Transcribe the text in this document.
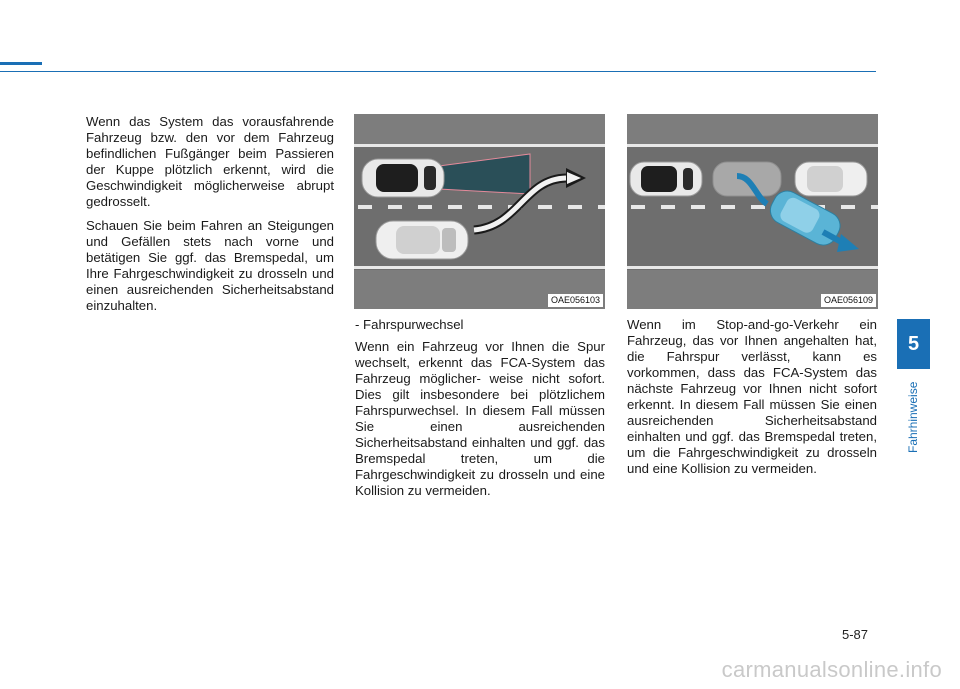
Wenn das System das vorausfahrende Fahrzeug bzw. den vor dem Fahrzeug befindlichen Fußgänger beim Passieren der Kuppe plötzlich erkennt, wird die Geschwindigkeit möglicherweise abrupt gedrosselt.

Schauen Sie beim Fahren an Steigungen und Gefällen stets nach vorne und betätigen Sie ggf. das Bremspedal, um Ihre Fahrgeschwindigkeit zu drosseln und einen ausreichenden Sicherheitsabstand einzuhalten.	OAE056103	OAE056109

- Fahrspurwechsel

Wenn ein Fahrzeug vor Ihnen die Spur wechselt, erkennt das FCA-System das Fahrzeug möglicher- weise nicht sofort. Dies gilt insbesondere bei plötzlichem Fahrspurwechsel. In diesem Fall müssen Sie einen ausreichenden Sicherheitsabstand einhalten und ggf. das Bremspedal treten, um die Fahrgeschwindigkeit zu drosseln und eine Kollision zu vermeiden.

Wenn im Stop-and-go-Verkehr ein Fahrzeug, das vor Ihnen angehalten hat, die Fahrspur verlässt, kann es vorkommen, dass das FCA-System das nächste Fahrzeug vor Ihnen nicht sofort erkennt. In diesem Fall müssen Sie einen ausreichenden Sicherheitsabstand einhalten und ggf. das Bremspedal treten, um die Fahrgeschwindigkeit zu drosseln und eine Kollision zu vermeiden.

5
Fahrhinweise
5-87
carmanualsonline.info
